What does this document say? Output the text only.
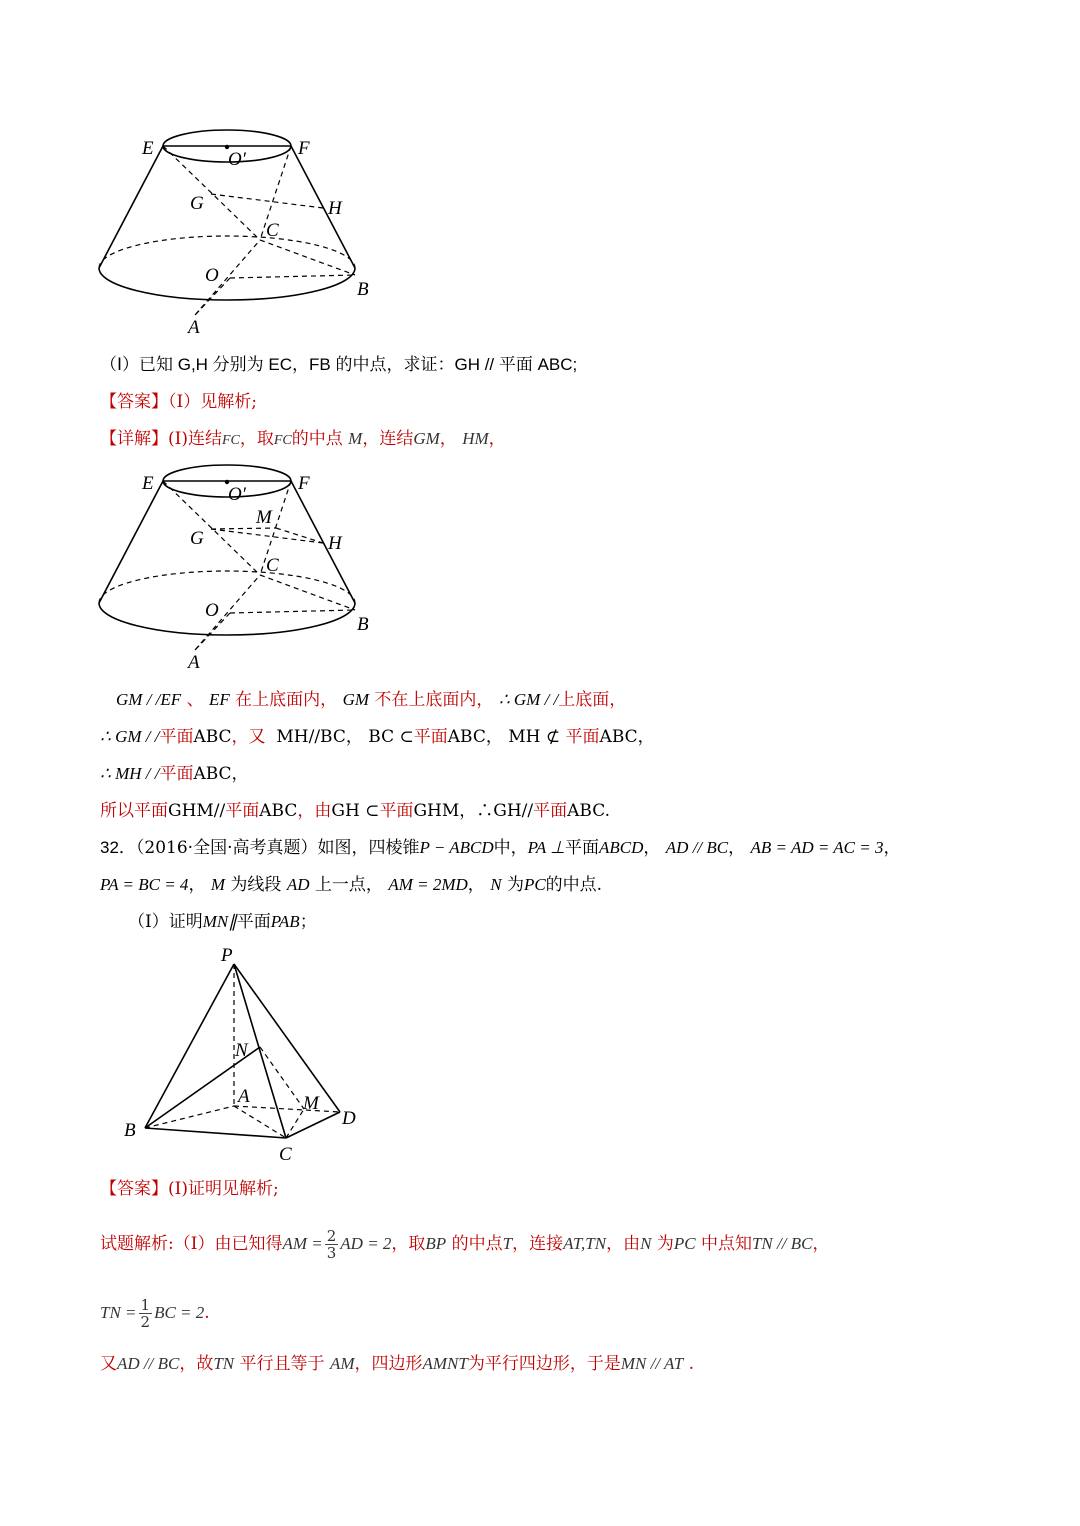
E	F
O′
G	H
C
O
B
A
（Ⅰ）已知 G,H 分别为 EC，FB 的中点，求证：GH // 平面 ABC;
【答案】（Ⅰ）见解析;
【详解】(Ⅰ)连结FC，取FC的中点 M，连结GM， HM，
E	F
O′
M
G	H
C
O
B
A
GM / /EF 、 EF 在上底面内， GM 不在上底面内， ∴ GM / /上底面，
∴ GM / /平面ABC，又 MH//BC， BC ⊂平面ABC， MH ⊄ 平面ABC，
∴ MH / /平面ABC，
所以平面GHM//平面ABC，由GH ⊂平面GHM，∴GH//平面ABC.
32．（2016·全国·高考真题）如图，四棱锥P − ABCD中，PA ⊥平面ABCD， AD // BC， AB = AD = AC = 3，
PA = BC = 4， M 为线段 AD 上一点， AM = 2MD， N 为PC的中点.
（Ⅰ）证明MN∥平面PAB；
P
N
A	M
D
B
C
【答案】(Ⅰ)证明见解析;
试题解析:（Ⅰ）由已知得AM = $\frac{2}{3}$ AD = 2，取BP 的中点T，连接AT,TN，由N 为PC 中点知TN // BC，
TN = $\frac{1}{2}$ BC = 2.
又AD // BC，故TN 平行且等于 AM，四边形AMNT为平行四边形，于是MN // AT .
